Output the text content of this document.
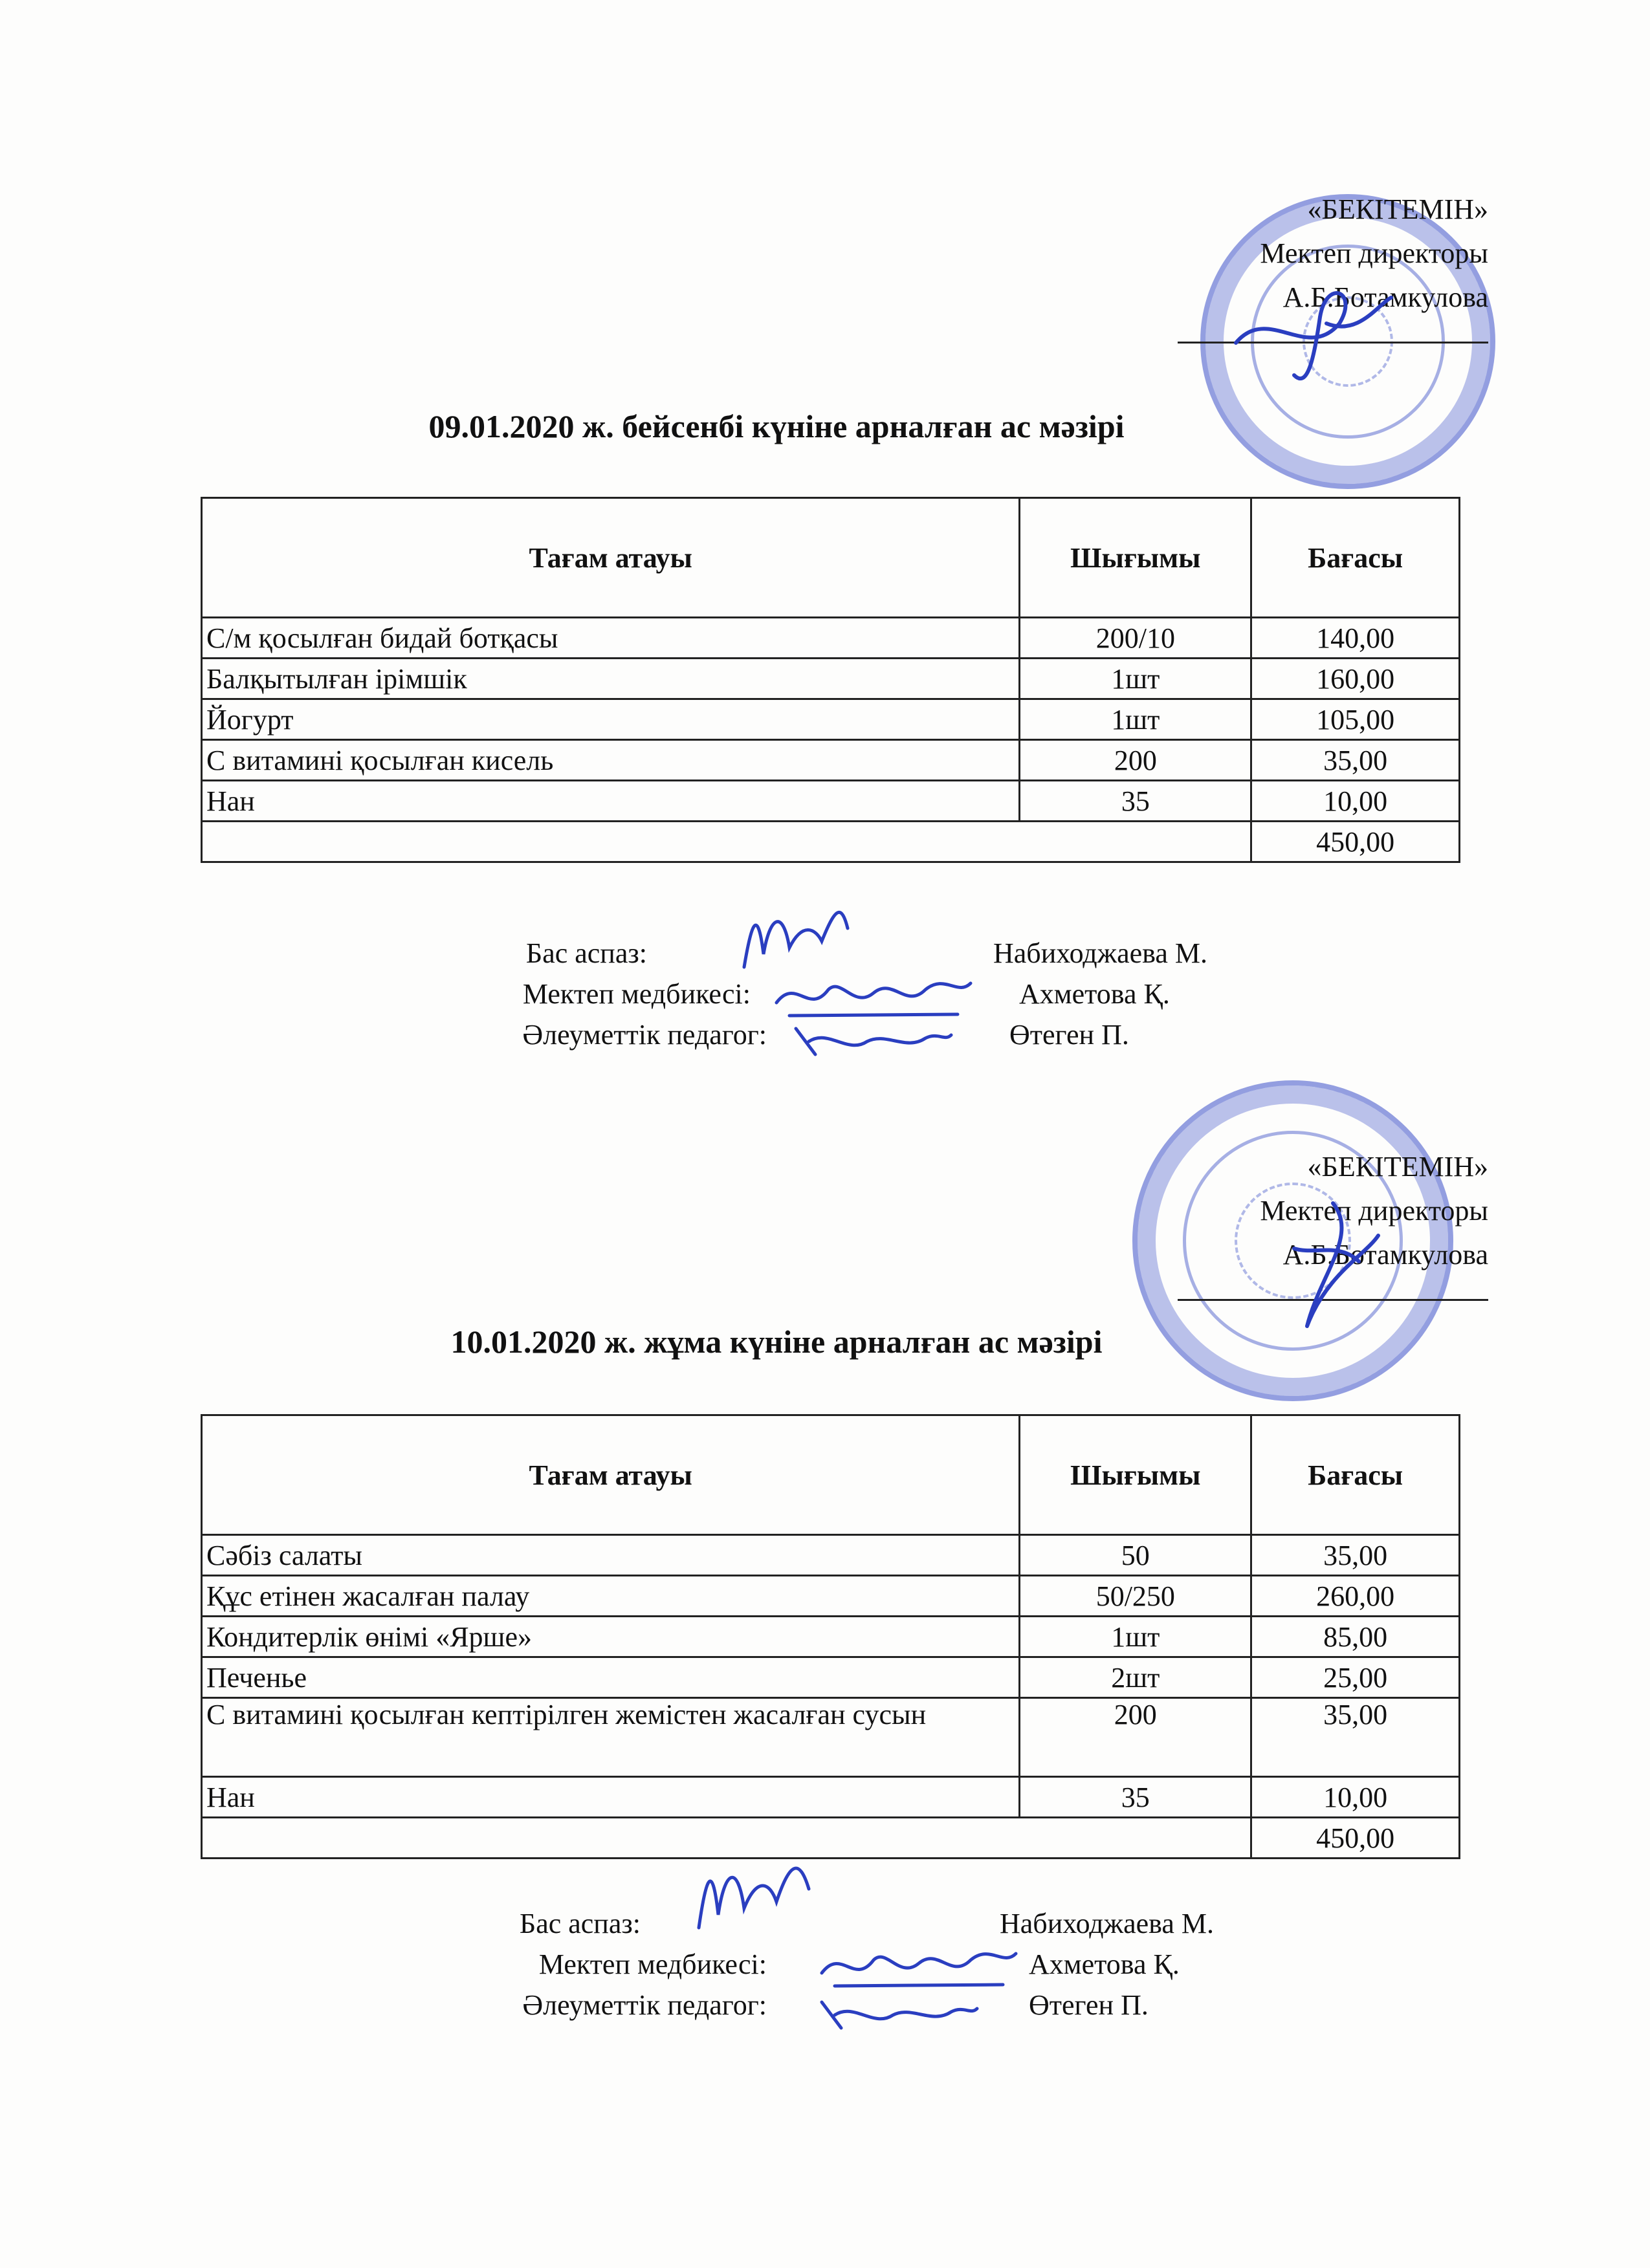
«БЕКІТЕМІН»
Мектеп директоры
А.Б.Ботамкулова
09.01.2020 ж. бейсенбі күніне арналған ас мәзірі
Тағам атауы	Шығымы	Бағасы
С/м қосылған бидай ботқасы	200/10	140,00
Балқытылған ірімшік	1шт	160,00
Йогурт	1шт	105,00
С витамині қосылған кисель	200	35,00
Нан	35	10,00
		450,00
Бас аспаз:	Набиходжаева М.
Мектеп медбикесі:	Ахметова Қ.
Әлеуметтік педагог:	Өтеген П.
«БЕКІТЕМІН»
Мектеп директоры
А.Б.Ботамкулова
10.01.2020 ж. жұма күніне арналған ас мәзірі
Тағам атауы	Шығымы	Бағасы
Сәбіз салаты	50	35,00
Құс етінен жасалған палау	50/250	260,00
Кондитерлік өнімі «Ярше»	1шт	85,00
Печенье	2шт	25,00
С витамині қосылған кептірілген жемістен жасалған сусын	200	35,00
Нан	35	10,00
		450,00
Бас аспаз:	Набиходжаева М.
Мектеп медбикесі:	Ахметова Қ.
Әлеуметтік педагог:	Өтеген П.
